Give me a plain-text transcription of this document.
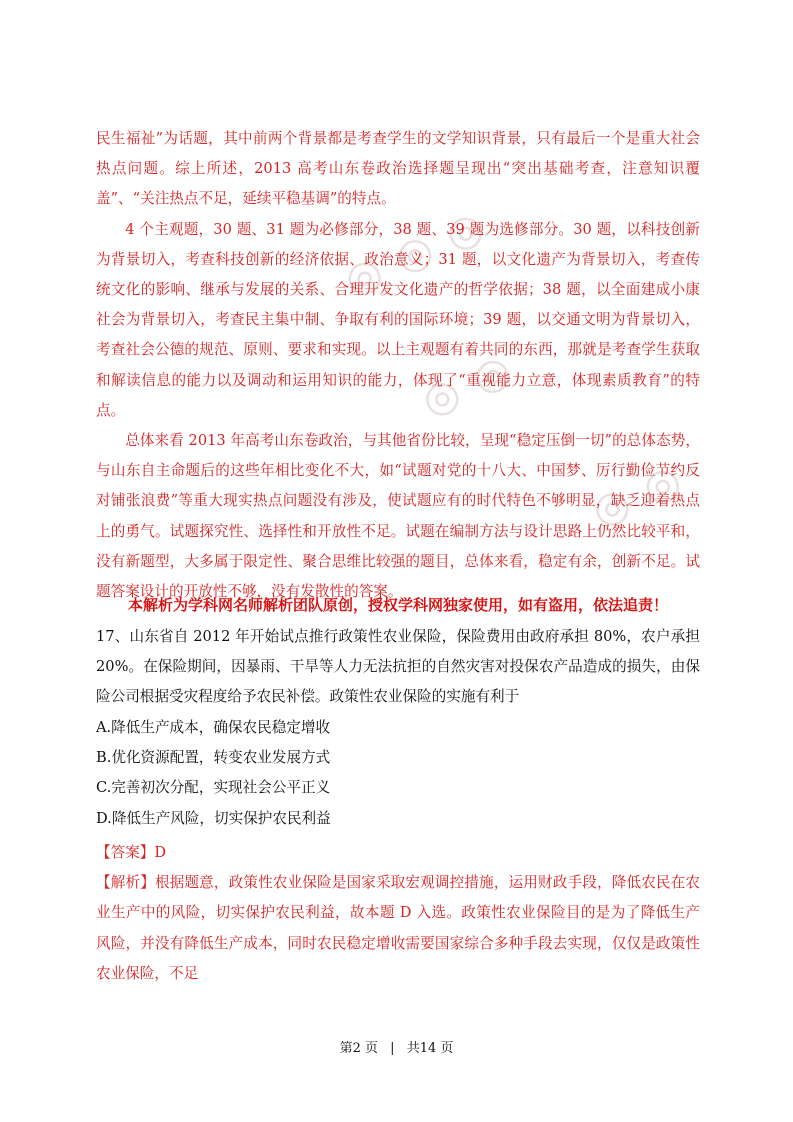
◎ ◎ ◎
◎ ◎
◎ ◎

民生福祉”为话题，其中前两个背景都是考查学生的文学知识背景，只有最后一个是重大社会热点问题。综上所述，2013 高考山东卷政治选择题呈现出“突出基础考查，注意知识覆盖”、“关注热点不足，延续平稳基调”的特点。

4 个主观题，30 题、31 题为必修部分，38 题、39 题为选修部分。30 题，以科技创新为背景切入，考查科技创新的经济依据、政治意义；31 题，以文化遗产为背景切入，考查传统文化的影响、继承与发展的关系、合理开发文化遗产的哲学依据；38 题，以全面建成小康社会为背景切入，考查民主集中制、争取有利的国际环境；39 题，以交通文明为背景切入，考查社会公德的规范、原则、要求和实现。以上主观题有着共同的东西，那就是考查学生获取和解读信息的能力以及调动和运用知识的能力，体现了“重视能力立意，体现素质教育”的特点。

总体来看 2013 年高考山东卷政治，与其他省份比较，呈现“稳定压倒一切”的总体态势，与山东自主命题后的这些年相比变化不大，如“试题对党的十八大、中国梦、厉行勤俭节约反对铺张浪费”等重大现实热点问题没有涉及，使试题应有的时代特色不够明显，缺乏迎着热点上的勇气。试题探究性、选择性和开放性不足。试题在编制方法与设计思路上仍然比较平和，没有新题型，大多属于限定性、聚合思维比较强的题目，总体来看，稳定有余，创新不足。试题答案设计的开放性不够，没有发散性的答案。

本解析为学科网名师解析团队原创，授权学科网独家使用，如有盗用，依法追责！

17、山东省自 2012 年开始试点推行政策性农业保险，保险费用由政府承担 80%，农户承担 20%。在保险期间，因暴雨、干旱等人力无法抗拒的自然灾害对投保农产品造成的损失，由保险公司根据受灾程度给予农民补偿。政策性农业保险的实施有利于

A.降低生产成本，确保农民稳定增收
B.优化资源配置，转变农业发展方式
C.完善初次分配，实现社会公平正义
D.降低生产风险，切实保护农民利益

【答案】D

【解析】根据题意，政策性农业保险是国家采取宏观调控措施，运用财政手段，降低农民在农业生产中的风险，切实保护农民利益，故本题 D 入选。政策性农业保险目的是为了降低生产风险，并没有降低生产成本，同时农民稳定增收需要国家综合多种手段去实现，仅仅是政策性农业保险，不足

第2 页 | 共14 页
